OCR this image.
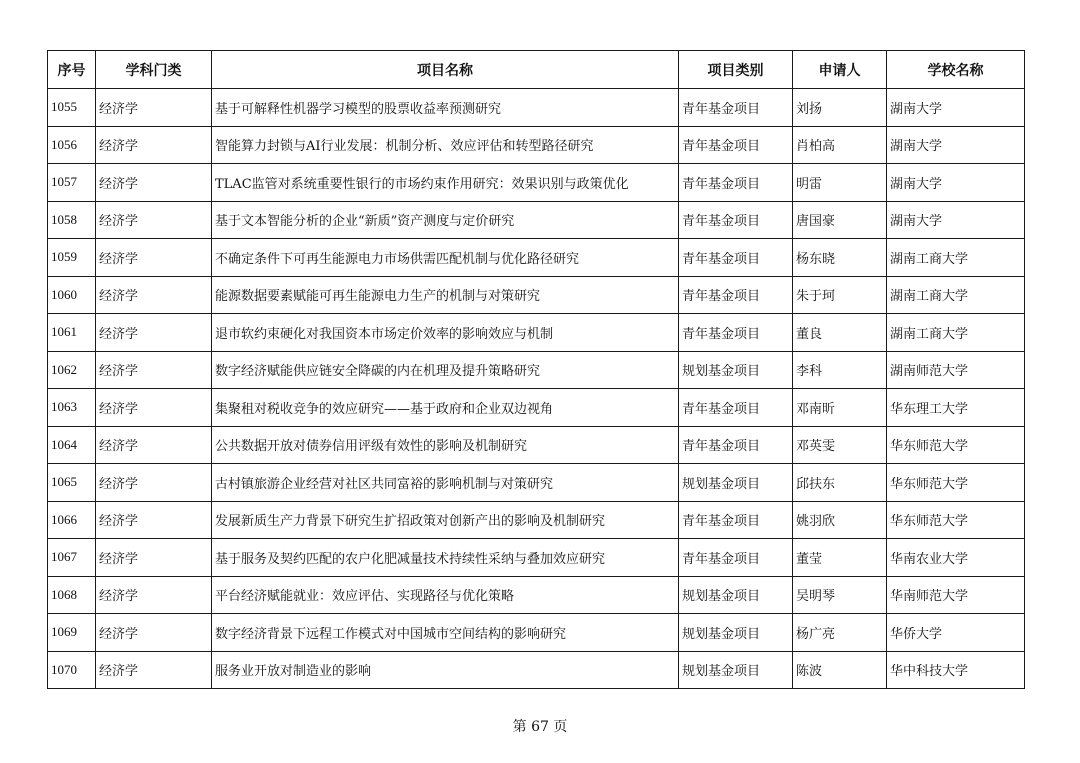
序号	学科门类	项目名称	项目类别	申请人	学校名称
1055	经济学	基于可解释性机器学习模型的股票收益率预测研究	青年基金项目	刘扬	湖南大学
1056	经济学	智能算力封锁与AI行业发展：机制分析、效应评估和转型路径研究	青年基金项目	肖柏高	湖南大学
1057	经济学	TLAC监管对系统重要性银行的市场约束作用研究：效果识别与政策优化	青年基金项目	明雷	湖南大学
1058	经济学	基于文本智能分析的企业“新质”资产测度与定价研究	青年基金项目	唐国豪	湖南大学
1059	经济学	不确定条件下可再生能源电力市场供需匹配机制与优化路径研究	青年基金项目	杨东晓	湖南工商大学
1060	经济学	能源数据要素赋能可再生能源电力生产的机制与对策研究	青年基金项目	朱于珂	湖南工商大学
1061	经济学	退市软约束硬化对我国资本市场定价效率的影响效应与机制	青年基金项目	董良	湖南工商大学
1062	经济学	数字经济赋能供应链安全降碳的内在机理及提升策略研究	规划基金项目	李科	湖南师范大学
1063	经济学	集聚租对税收竞争的效应研究——基于政府和企业双边视角	青年基金项目	邓南昕	华东理工大学
1064	经济学	公共数据开放对债券信用评级有效性的影响及机制研究	青年基金项目	邓英雯	华东师范大学
1065	经济学	古村镇旅游企业经营对社区共同富裕的影响机制与对策研究	规划基金项目	邱扶东	华东师范大学
1066	经济学	发展新质生产力背景下研究生扩招政策对创新产出的影响及机制研究	青年基金项目	姚羽欣	华东师范大学
1067	经济学	基于服务及契约匹配的农户化肥减量技术持续性采纳与叠加效应研究	青年基金项目	董莹	华南农业大学
1068	经济学	平台经济赋能就业：效应评估、实现路径与优化策略	规划基金项目	吴明琴	华南师范大学
1069	经济学	数字经济背景下远程工作模式对中国城市空间结构的影响研究	规划基金项目	杨广亮	华侨大学
1070	经济学	服务业开放对制造业的影响	规划基金项目	陈波	华中科技大学
第 67 页
